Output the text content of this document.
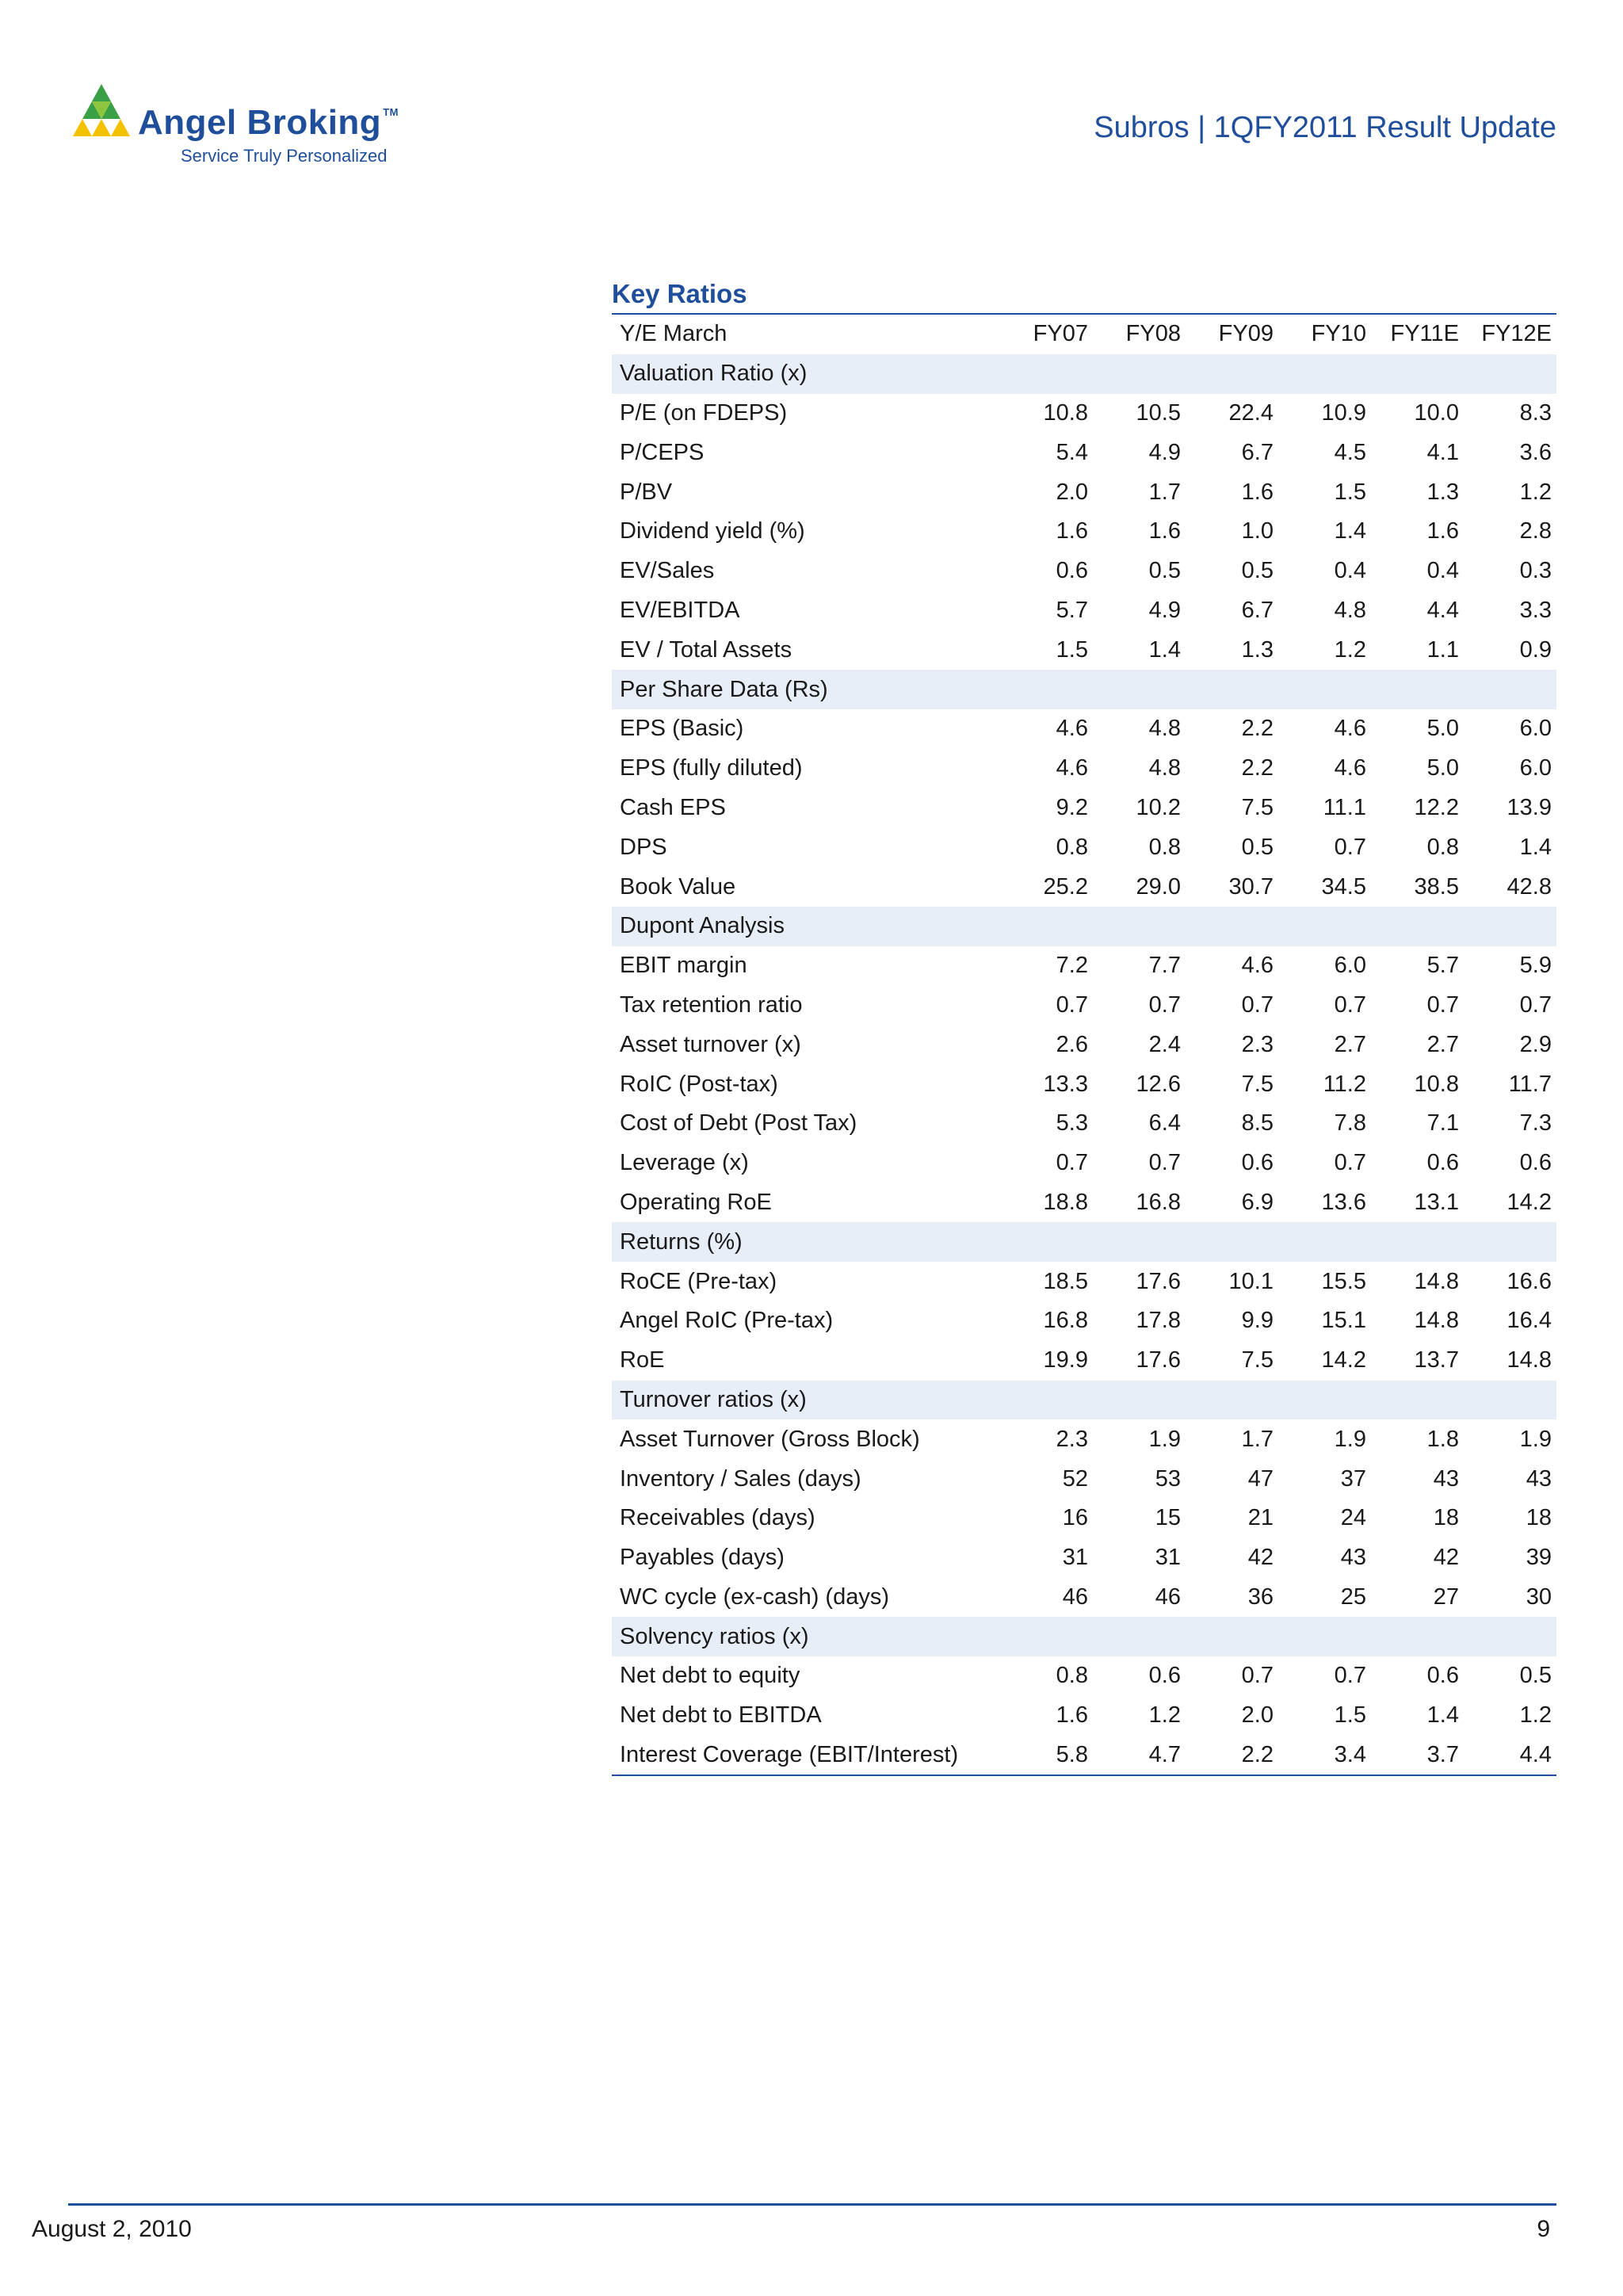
Angel Broking ™
Service Truly Personalized
Subros | 1QFY2011 Result Update
Key Ratios
Y/E March	FY07	FY08	FY09	FY10	FY11E	FY12E
Valuation Ratio (x)						
P/E (on FDEPS)	10.8	10.5	22.4	10.9	10.0	8.3
P/CEPS	5.4	4.9	6.7	4.5	4.1	3.6
P/BV	2.0	1.7	1.6	1.5	1.3	1.2
Dividend yield (%)	1.6	1.6	1.0	1.4	1.6	2.8
EV/Sales	0.6	0.5	0.5	0.4	0.4	0.3
EV/EBITDA	5.7	4.9	6.7	4.8	4.4	3.3
EV / Total Assets	1.5	1.4	1.3	1.2	1.1	0.9
Per Share Data (Rs)						
EPS (Basic)	4.6	4.8	2.2	4.6	5.0	6.0
EPS (fully diluted)	4.6	4.8	2.2	4.6	5.0	6.0
Cash EPS	9.2	10.2	7.5	11.1	12.2	13.9
DPS	0.8	0.8	0.5	0.7	0.8	1.4
Book Value	25.2	29.0	30.7	34.5	38.5	42.8
Dupont Analysis						
EBIT margin	7.2	7.7	4.6	6.0	5.7	5.9
Tax retention ratio	0.7	0.7	0.7	0.7	0.7	0.7
Asset turnover (x)	2.6	2.4	2.3	2.7	2.7	2.9
RoIC (Post-tax)	13.3	12.6	7.5	11.2	10.8	11.7
Cost of Debt (Post Tax)	5.3	6.4	8.5	7.8	7.1	7.3
Leverage (x)	0.7	0.7	0.6	0.7	0.6	0.6
Operating RoE	18.8	16.8	6.9	13.6	13.1	14.2
Returns (%)						
RoCE (Pre-tax)	18.5	17.6	10.1	15.5	14.8	16.6
Angel RoIC (Pre-tax)	16.8	17.8	9.9	15.1	14.8	16.4
RoE	19.9	17.6	7.5	14.2	13.7	14.8
Turnover ratios (x)						
Asset Turnover (Gross Block)	2.3	1.9	1.7	1.9	1.8	1.9
Inventory / Sales (days)	52	53	47	37	43	43
Receivables (days)	16	15	21	24	18	18
Payables (days)	31	31	42	43	42	39
WC cycle (ex-cash) (days)	46	46	36	25	27	30
Solvency ratios (x)						
Net debt to equity	0.8	0.6	0.7	0.7	0.6	0.5
Net debt to EBITDA	1.6	1.2	2.0	1.5	1.4	1.2
Interest Coverage (EBIT/Interest)	5.8	4.7	2.2	3.4	3.7	4.4
August 2, 2010	9
